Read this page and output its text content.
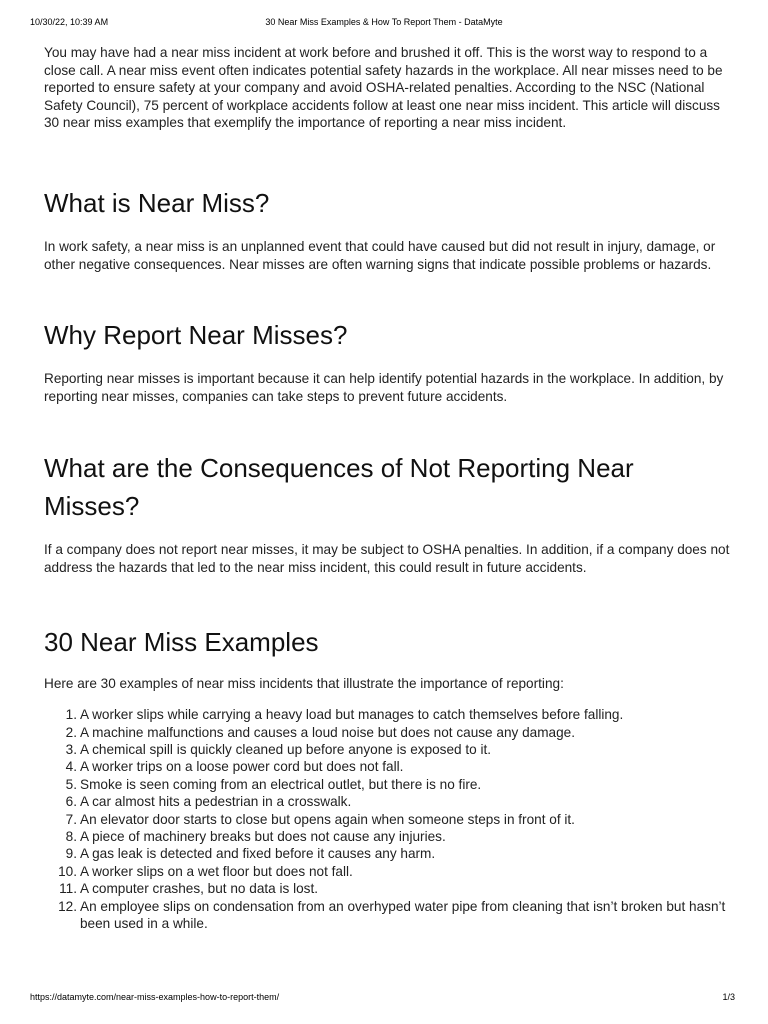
10/30/22, 10:39 AM	30 Near Miss Examples & How To Report Them - DataMyte

You may have had a near miss incident at work before and brushed it off. This is the worst way to respond to a close call. A near miss event often indicates potential safety hazards in the workplace. All near misses need to be reported to ensure safety at your company and avoid OSHA-related penalties. According to the NSC (National Safety Council), 75 percent of workplace accidents follow at least one near miss incident. This article will discuss 30 near miss examples that exemplify the importance of reporting a near miss incident.

What is Near Miss?

In work safety, a near miss is an unplanned event that could have caused but did not result in injury, damage, or other negative consequences. Near misses are often warning signs that indicate possible problems or hazards.

Why Report Near Misses?

Reporting near misses is important because it can help identify potential hazards in the workplace. In addition, by reporting near misses, companies can take steps to prevent future accidents.

What are the Consequences of Not Reporting Near Misses?

If a company does not report near misses, it may be subject to OSHA penalties. In addition, if a company does not address the hazards that led to the near miss incident, this could result in future accidents.

30 Near Miss Examples

Here are 30 examples of near miss incidents that illustrate the importance of reporting:

1. A worker slips while carrying a heavy load but manages to catch themselves before falling.
2. A machine malfunctions and causes a loud noise but does not cause any damage.
3. A chemical spill is quickly cleaned up before anyone is exposed to it.
4. A worker trips on a loose power cord but does not fall.
5. Smoke is seen coming from an electrical outlet, but there is no fire.
6. A car almost hits a pedestrian in a crosswalk.
7. An elevator door starts to close but opens again when someone steps in front of it.
8. A piece of machinery breaks but does not cause any injuries.
9. A gas leak is detected and fixed before it causes any harm.
10. A worker slips on a wet floor but does not fall.
11. A computer crashes, but no data is lost.
12. An employee slips on condensation from an overhyped water pipe from cleaning that isn’t broken but hasn’t been used in a while.
https://datamyte.com/near-miss-examples-how-to-report-them/	1/3
